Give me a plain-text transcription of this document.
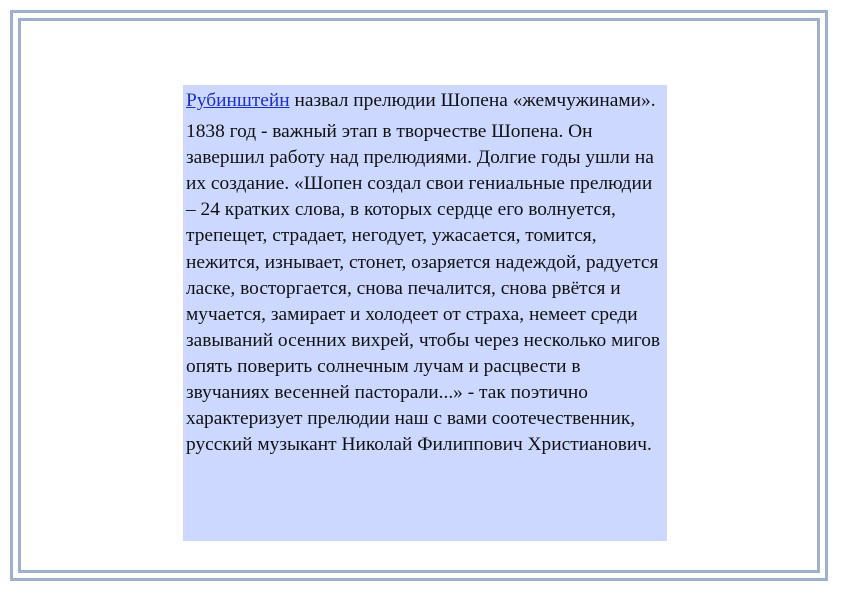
Рубинштейн назвал прелюдии Шопена «жемчужинами».

1838 год - важный этап в творчестве Шопена. Он завершил работу над прелюдиями. Долгие годы ушли на их создание. «Шопен создал свои гениальные прелюдии – 24 кратких слова, в которых сердце его волнуется, трепещет, страдает, негодует, ужасается, томится, нежится, изнывает, стонет, озаряется надеждой, радуется ласке, восторгается, снова печалится, снова рвётся и мучается, замирает и холодеет от страха, немеет среди завываний осенних вихрей, чтобы через несколько мигов опять поверить солнечным лучам и расцвести в звучаниях весенней пасторали...» - так поэтично характеризует прелюдии наш с вами соотечественник, русский музыкант Николай Филиппович Христианович.
